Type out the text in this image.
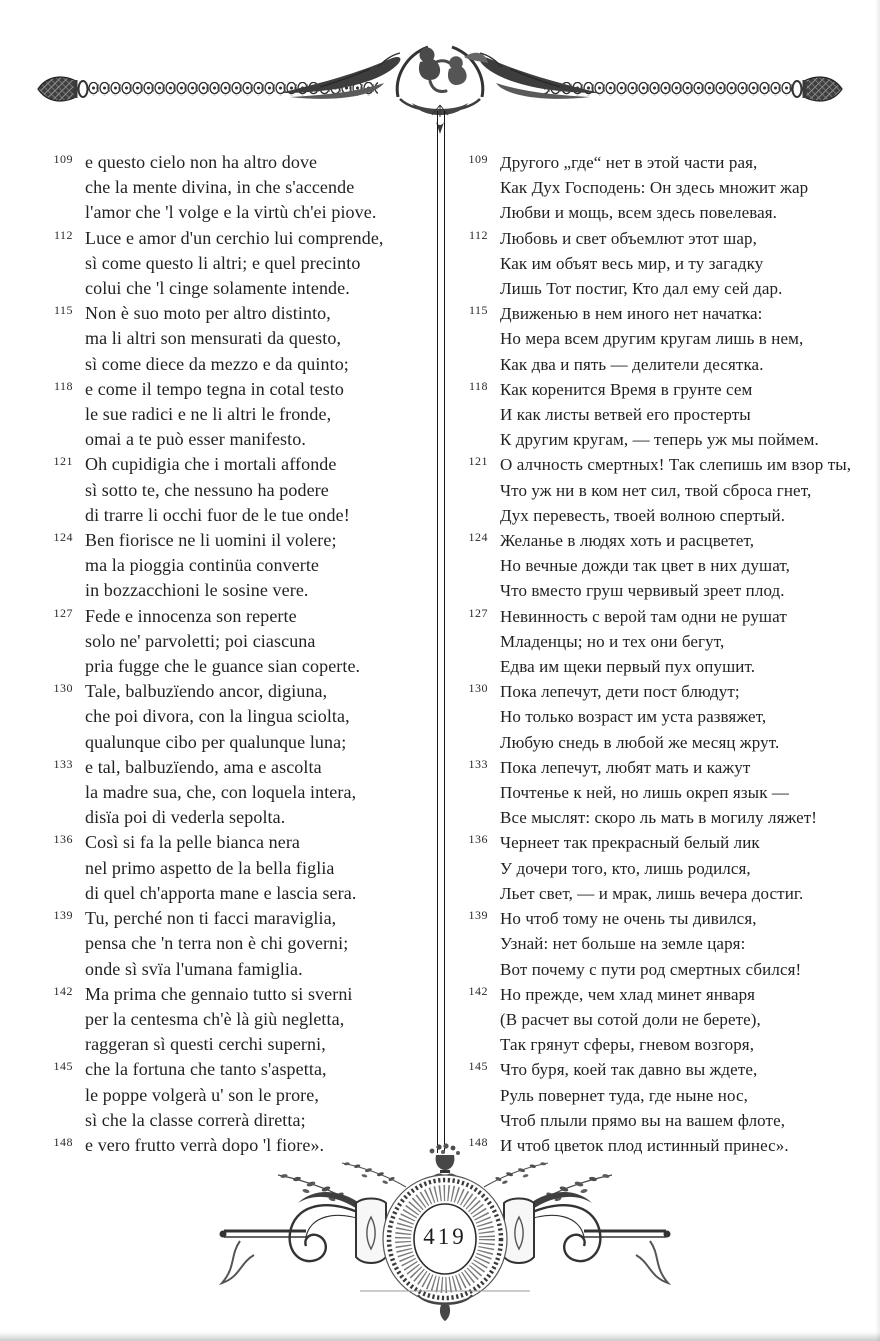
109 e questo cielo non ha altro dove
che la mente divina, in che s'accende
l'amor che 'l volge e la virtù ch'ei piove.
112 Luce e amor d'un cerchio lui comprende,
sì come questo li altri; e quel precinto
colui che 'l cinge solamente intende.
115 Non è suo moto per altro distinto,
ma li altri son mensurati da questo,
sì come diece da mezzo e da quinto;
118 e come il tempo tegna in cotal testo
le sue radici e ne li altri le fronde,
omai a te può esser manifesto.
121 Oh cupidigia che i mortali affonde
sì sotto te, che nessuno ha podere
di trarre li occhi fuor de le tue onde!
124 Ben fiorisce ne li uomini il volere;
ma la pioggia continüa converte
in bozzacchioni le sosine vere.
127 Fede e innocenza son reperte
solo ne' parvoletti; poi ciascuna
pria fugge che le guance sian coperte.
130 Tale, balbuzïendo ancor, digiuna,
che poi divora, con la lingua sciolta,
qualunque cibo per qualunque luna;
133 e tal, balbuzïendo, ama e ascolta
la madre sua, che, con loquela intera,
disïa poi di vederla sepolta.
136 Così si fa la pelle bianca nera
nel primo aspetto de la bella figlia
di quel ch'apporta mane e lascia sera.
139 Tu, perché non ti facci maraviglia,
pensa che 'n terra non è chi governi;
onde sì svïa l'umana famiglia.
142 Ma prima che gennaio tutto si sverni
per la centesma ch'è là giù negletta,
raggeran sì questi cerchi superni,
145 che la fortuna che tanto s'aspetta,
le poppe volgerà u' son le prore,
sì che la classe correrà diretta;
148 e vero frutto verrà dopo 'l fiore».
109 Другого „где“ нет в этой части рая,
Как Дух Господень: Он здесь множит жар
Любви и мощь, всем здесь повелевая.
112 Любовь и свет объемлют этот шар,
Как им объят весь мир, и ту загадку
Лишь Тот постиг, Кто дал ему сей дар.
115 Движенью в нем иного нет начатка:
Но мера всем другим кругам лишь в нем,
Как два и пять — делители десятка.
118 Как коренится Время в грунте сем
И как листы ветвей его простерты
К другим кругам, — теперь уж мы поймем.
121 О алчность смертных! Так слепишь им взор ты,
Что уж ни в ком нет сил, твой сброса гнет,
Дух перевесть, твоей волною спертый.
124 Желанье в людях хоть и расцветет,
Но вечные дожди так цвет в них душат,
Что вместо груш червивый зреет плод.
127 Невинность с верой там одни не рушат
Младенцы; но и тех они бегут,
Едва им щеки первый пух опушит.
130 Пока лепечут, дети пост блюдут;
Но только возраст им уста развяжет,
Любую снедь в любой же месяц жрут.
133 Пока лепечут, любят мать и кажут
Почтенье к ней, но лишь окреп язык —
Все мыслят: скоро ль мать в могилу ляжет!
136 Чернеет так прекрасный белый лик
У дочери того, кто, лишь родился,
Льет свет, — и мрак, лишь вечера достиг.
139 Но чтоб тому не очень ты дивился,
Узнай: нет больше на земле царя:
Вот почему с пути род смертных сбился!
142 Но прежде, чем хлад минет января
(В расчет вы сотой доли не берете),
Так грянут сферы, гневом возгоря,
145 Что буря, коей так давно вы ждете,
Руль повернет туда, где ныне нос,
Чтоб плыли прямо вы на вашем флоте,
148 И чтоб цветок плод истинный принес».
419
